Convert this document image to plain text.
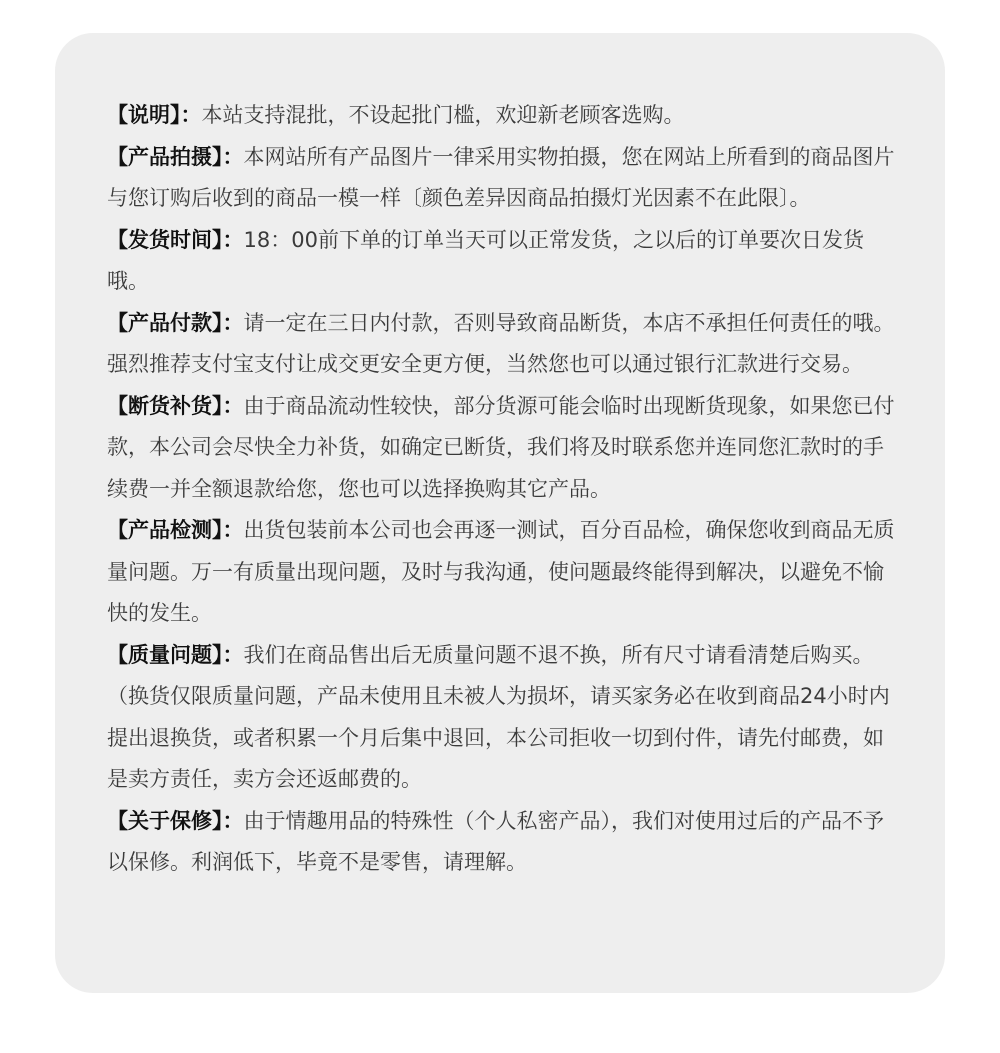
【说明】：本站支持混批，不设起批门槛，欢迎新老顾客选购。

【产品拍摄】：本网站所有产品图片一律采用实物拍摄，您在网站上所看到的商品图片与您订购后收到的商品一模一样〔颜色差异因商品拍摄灯光因素不在此限〕。

【发货时间】：18：00前下单的订单当天可以正常发货，之以后的订单要次日发货哦。

【产品付款】：请一定在三日内付款，否则导致商品断货，本店不承担任何责任的哦。强烈推荐支付宝支付让成交更安全更方便，当然您也可以通过银行汇款进行交易。

【断货补货】：由于商品流动性较快，部分货源可能会临时出现断货现象，如果您已付款，本公司会尽快全力补货，如确定已断货，我们将及时联系您并连同您汇款时的手续费一并全额退款给您，您也可以选择换购其它产品。

【产品检测】：出货包装前本公司也会再逐一测试，百分百品检，确保您收到商品无质量问题。万一有质量出现问题，及时与我沟通，使问题最终能得到解决，以避免不愉快的发生。

【质量问题】：我们在商品售出后无质量问题不退不换，所有尺寸请看清楚后购买。（换货仅限质量问题，产品未使用且未被人为损坏，请买家务必在收到商品24小时内提出退换货，或者积累一个月后集中退回，本公司拒收一切到付件，请先付邮费，如是卖方责任，卖方会还返邮费的。

【关于保修】：由于情趣用品的特殊性（个人私密产品），我们对使用过后的产品不予以保修。利润低下，毕竟不是零售，请理解。
